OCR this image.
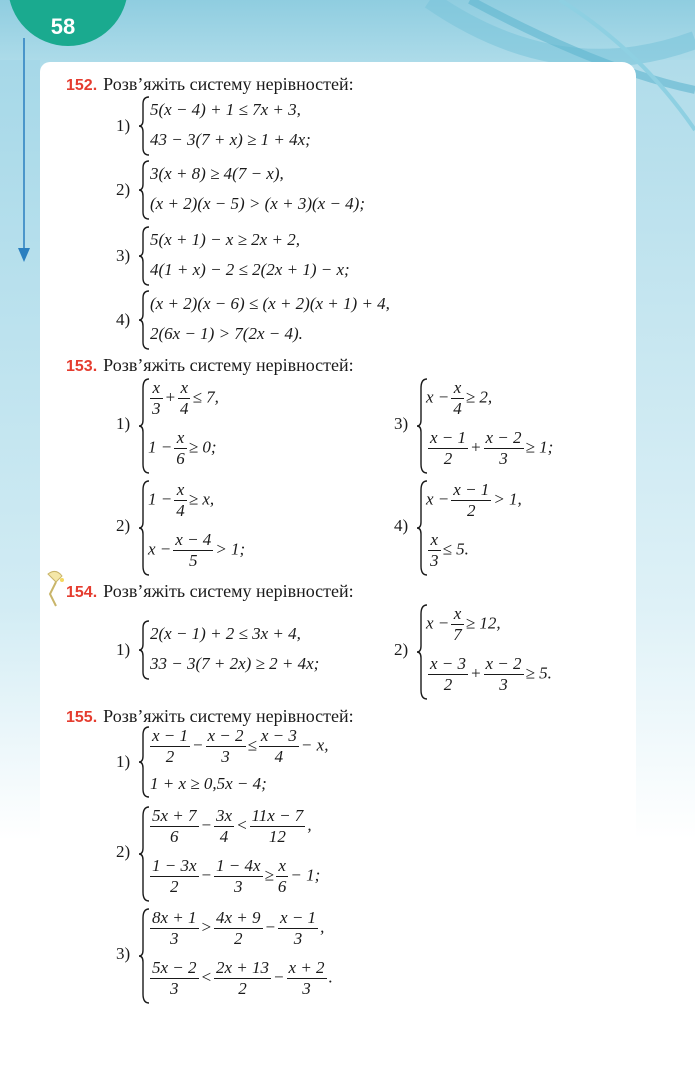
58
152. Розв’яжіть систему нерівностей:
1)
5(x − 4) + 1 ≤ 7x + 3,
43 − 3(7 + x) ≥ 1 + 4x;
2)
3(x + 8) ≥ 4(7 − x),
(x + 2)(x − 5) > (x + 3)(x − 4);
3)
5(x + 1) − x ≥ 2x + 2,
4(1 + x) − 2 ≤ 2(2x + 1) − x;
4)
(x + 2)(x − 6) ≤ (x + 2)(x + 1) + 4,
2(6x − 1) > 7(2x − 4).
153. Розв’яжіть систему нерівностей:
1)
$\frac{x}{3} + \frac{x}{4} \le 7$,
$1 - \frac{x}{6} \ge 0$;
2)
$1 - \frac{x}{4} \ge x$,
$x - \frac{x - 4}{5} > 1$;
3)
$x - \frac{x}{4} \ge 2$,
$\frac{x - 1}{2} + \frac{x - 2}{3} \ge 1$;
4)
$x - \frac{x - 1}{2} > 1$,
$\frac{x}{3} \le 5$.
154. Розв’яжіть систему нерівностей:
1)
2(x − 1) + 2 ≤ 3x + 4,
33 − 3(7 + 2x) ≥ 2 + 4x;
2)
$x - \frac{x}{7} \ge 12$,
$\frac{x - 3}{2} + \frac{x - 2}{3} \ge 5$.
155. Розв’яжіть систему нерівностей:
$1) \frac{x - 1}{2} - \frac{x - 2}{3} \le \frac{x - 3}{4} - x$,
1 + x ≥ 0,5x − 4;
2)
$\frac{5x + 7}{6} - \frac{3x}{4} < \frac{11x - 7}{12}$ ,
$\frac{1 - 3x}{2} - \frac{1 - 4x}{3} \ge \frac{x}{6} - 1$;
3)
$\frac{8x + 1}{3} > \frac{4x + 9}{2} - \frac{x - 1}{3}$ ,
$\frac{5x - 2}{3} < \frac{2x + 13}{2} - \frac{x + 2}{3}$ .
